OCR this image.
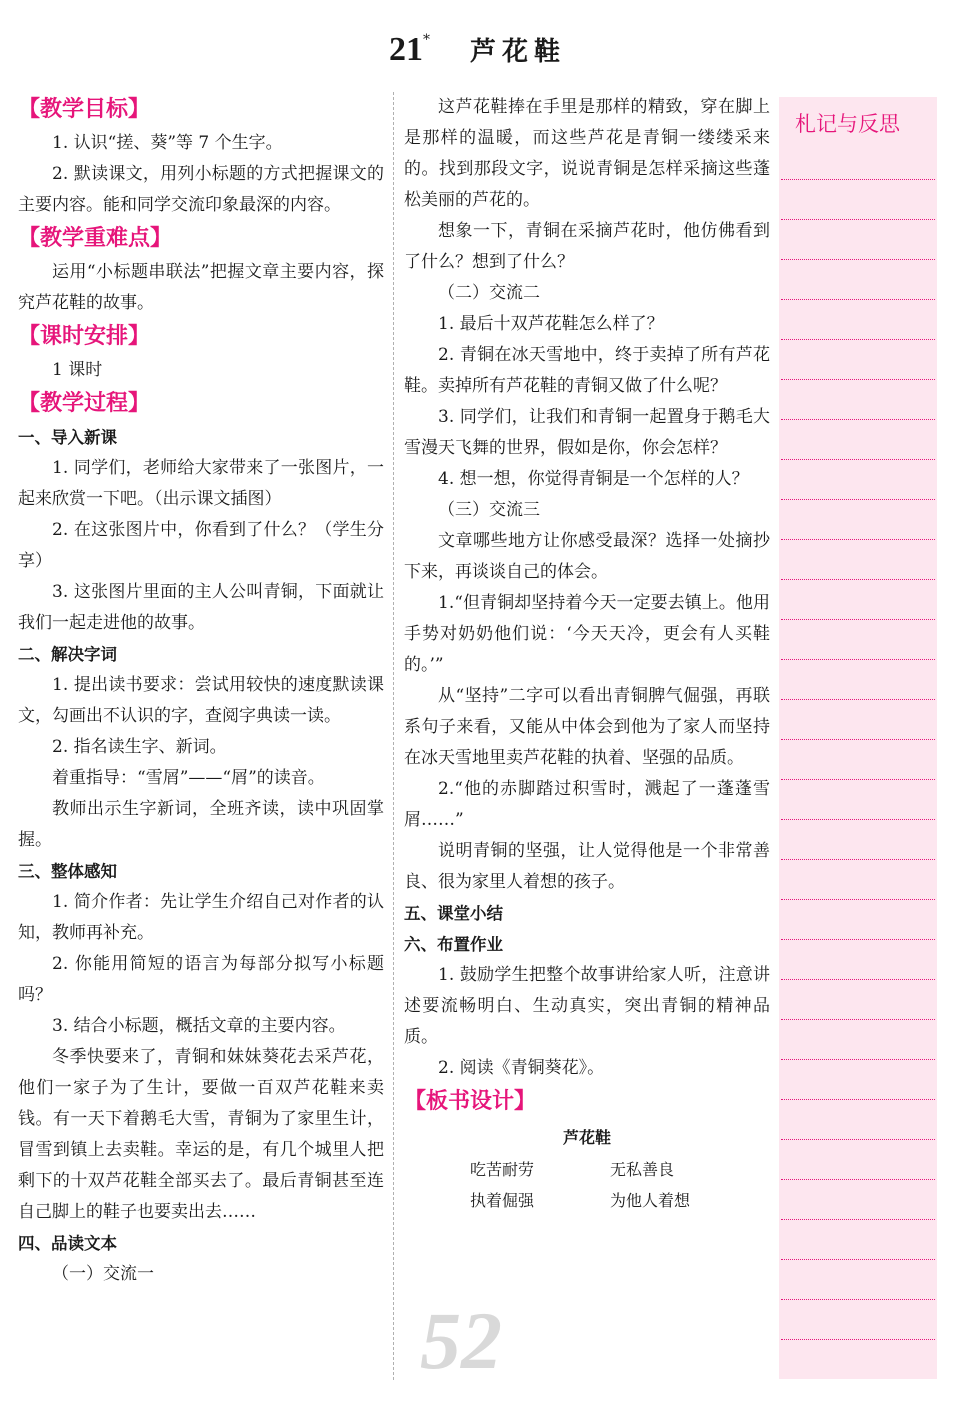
21* 芦花鞋

【教学目标】

1. 认识“搓、葵”等 7 个生字。

2. 默读课文，用列小标题的方式把握课文的主要内容。能和同学交流印象最深的内容。

【教学重难点】

运用“小标题串联法”把握文章主要内容，探究芦花鞋的故事。

【课时安排】

1 课时

【教学过程】

一、导入新课

1. 同学们，老师给大家带来了一张图片，一起来欣赏一下吧。（出示课文插图）

2. 在这张图片中，你看到了什么？（学生分享）

3. 这张图片里面的主人公叫青铜，下面就让我们一起走进他的故事。

二、解决字词

1. 提出读书要求：尝试用较快的速度默读课文，勾画出不认识的字，查阅字典读一读。

2. 指名读生字、新词。

着重指导：“雪屑”——“屑”的读音。

教师出示生字新词，全班齐读，读中巩固掌握。

三、整体感知

1. 简介作者：先让学生介绍自己对作者的认知，教师再补充。

2. 你能用简短的语言为每部分拟写小标题吗？

3. 结合小标题，概括文章的主要内容。

冬季快要来了，青铜和妹妹葵花去采芦花，他们一家子为了生计，要做一百双芦花鞋来卖钱。有一天下着鹅毛大雪，青铜为了家里生计，冒雪到镇上去卖鞋。幸运的是，有几个城里人把剩下的十双芦花鞋全部买去了。最后青铜甚至连自己脚上的鞋子也要卖出去……

四、品读文本

（一）交流一

这芦花鞋捧在手里是那样的精致，穿在脚上是那样的温暖，而这些芦花是青铜一缕缕采来的。找到那段文字，说说青铜是怎样采摘这些蓬松美丽的芦花的。

想象一下，青铜在采摘芦花时，他仿佛看到了什么？想到了什么？

（二）交流二

1. 最后十双芦花鞋怎么样了？

2. 青铜在冰天雪地中，终于卖掉了所有芦花鞋。卖掉所有芦花鞋的青铜又做了什么呢？

3. 同学们，让我们和青铜一起置身于鹅毛大雪漫天飞舞的世界，假如是你，你会怎样？

4. 想一想，你觉得青铜是一个怎样的人？

（三）交流三

文章哪些地方让你感受最深？选择一处摘抄下来，再谈谈自己的体会。

1.“但青铜却坚持着今天一定要去镇上。他用手势对奶奶他们说：‘今天天冷，更会有人买鞋的。’”

从“坚持”二字可以看出青铜脾气倔强，再联系句子来看，又能从中体会到他为了家人而坚持在冰天雪地里卖芦花鞋的执着、坚强的品质。

2.“他的赤脚踏过积雪时，溅起了一蓬蓬雪屑……”

说明青铜的坚强，让人觉得他是一个非常善良、很为家里人着想的孩子。

五、课堂小结

六、布置作业

1. 鼓励学生把整个故事讲给家人听，注意讲述要流畅明白、生动真实，突出青铜的精神品质。

2. 阅读《青铜葵花》。

【板书设计】

芦花鞋
吃苦耐劳	无私善良
执着倔强	为他人着想
52
札记与反思
